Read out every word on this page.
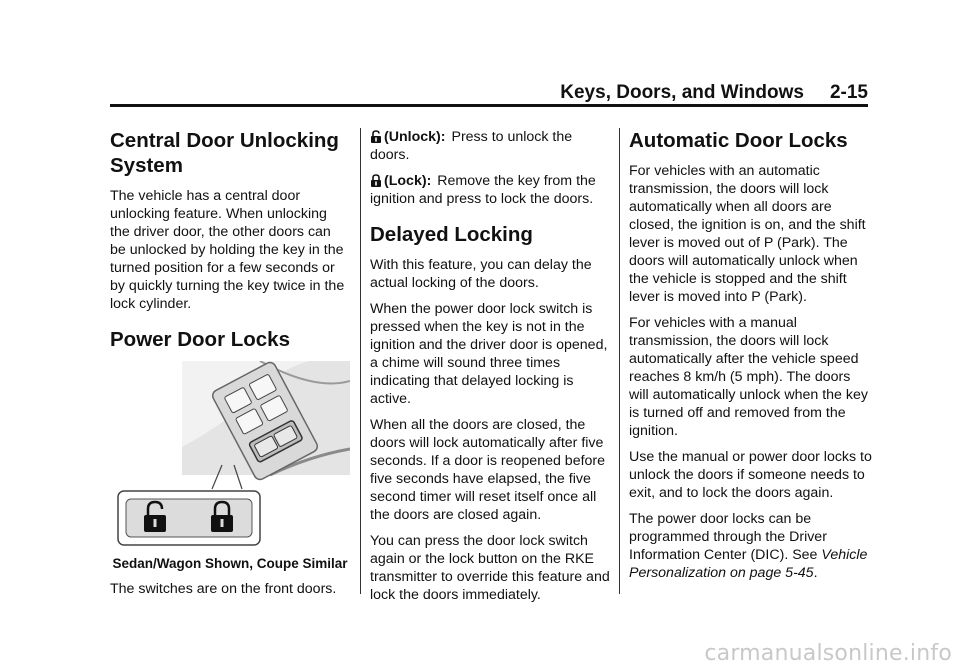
Keys, Doors, and Windows 2-15
Central Door Unlocking System

The vehicle has a central door unlocking feature. When unlocking the driver door, the other doors can be unlocked by holding the key in the turned position for a few seconds or by quickly turning the key twice in the lock cylinder.

Power Door Locks

Sedan/Wagon Shown, Coupe Similar

The switches are on the front doors.

(Unlock): Press to unlock the doors.

(Lock): Remove the key from the ignition and press to lock the doors.

Delayed Locking

With this feature, you can delay the actual locking of the doors.

When the power door lock switch is pressed when the key is not in the ignition and the driver door is opened, a chime will sound three times indicating that delayed locking is active.

When all the doors are closed, the doors will lock automatically after five seconds. If a door is reopened before five seconds have elapsed, the five second timer will reset itself once all the doors are closed again.

You can press the door lock switch again or the lock button on the RKE transmitter to override this feature and lock the doors immediately.

Automatic Door Locks

For vehicles with an automatic transmission, the doors will lock automatically when all doors are closed, the ignition is on, and the shift lever is moved out of P (Park). The doors will automatically unlock when the vehicle is stopped and the shift lever is moved into P (Park).

For vehicles with a manual transmission, the doors will lock automatically after the vehicle speed reaches 8 km/h (5 mph). The doors will automatically unlock when the key is turned off and removed from the ignition.

Use the manual or power door locks to unlock the doors if someone needs to exit, and to lock the doors again.

The power door locks can be programmed through the Driver Information Center (DIC). See Vehicle Personalization on page 5-45.

carmanualsonline.info
